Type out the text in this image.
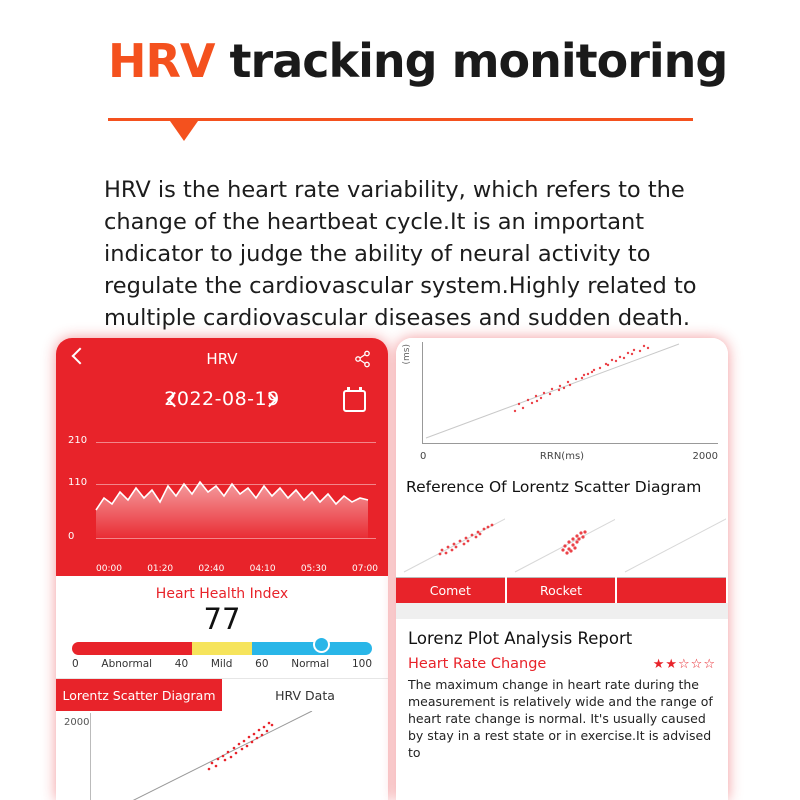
HRV tracking monitoring
HRV is the heart rate variability, which refers to the change of the heartbeat cycle.It is an important indicator to judge the ability of neural activity to regulate the cardiovascular system.Highly related to multiple cardiovascular diseases and sudden death.
HRV
2022-08-19
210
110
0
00:00	01:20	02:40	04:10	05:30	07:00
Heart Health Index
77
0 Abnormal 40 Mild 60 Normal 100
Lorentz Scatter Diagram	HRV Data
2000
(ms)
0	RRN(ms)	2000
Reference Of Lorentz Scatter Diagram
Comet	Rocket
Lorenz Plot Analysis Report
Heart Rate Change	★★☆☆☆
The maximum change in heart rate during the measurement is relatively wide and the range of heart rate change is normal. It's usually caused by stay in a rest state or in exercise.It is advised to
